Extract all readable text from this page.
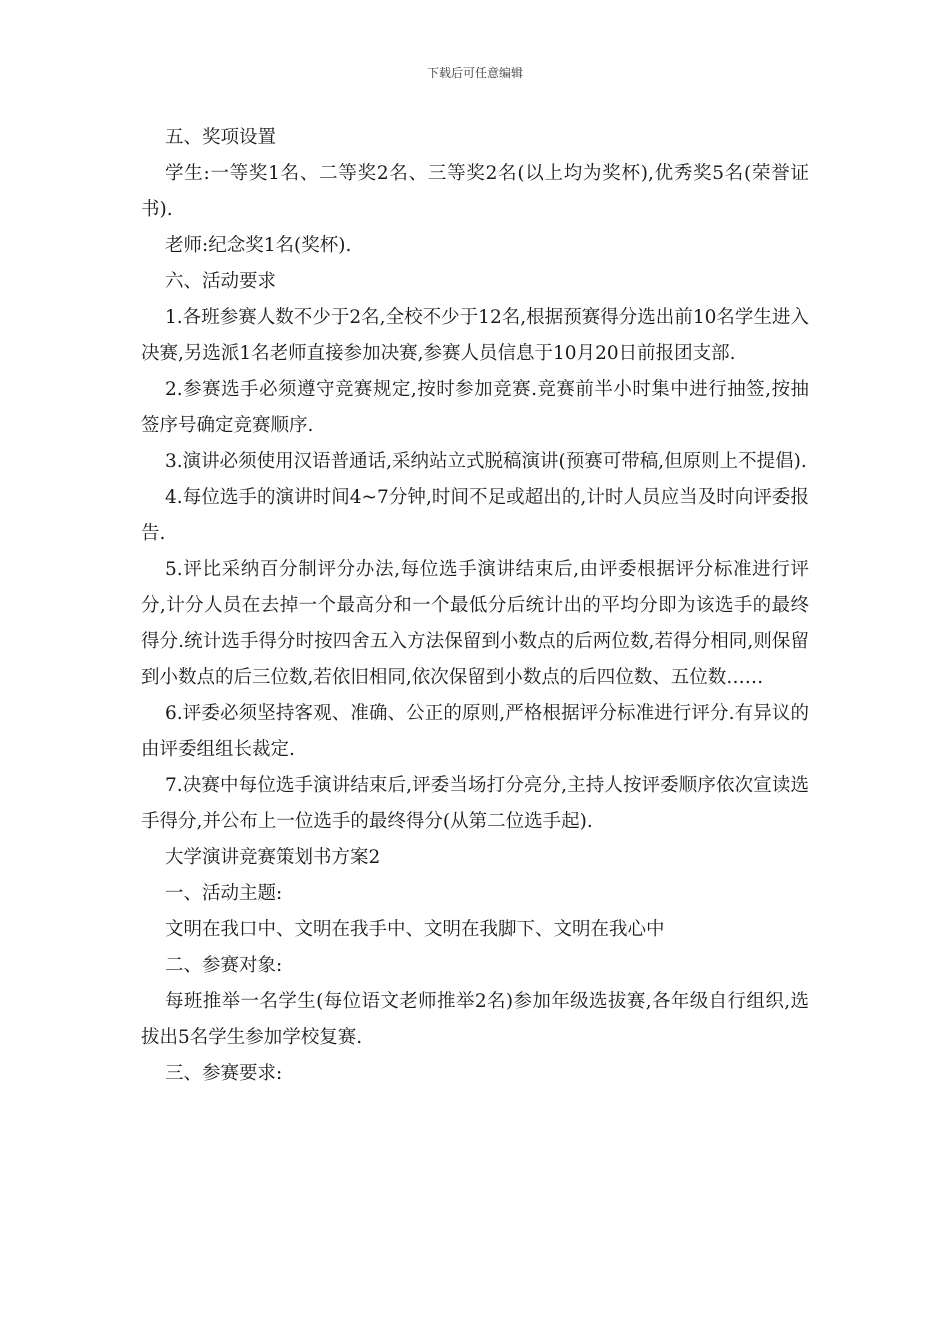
下载后可任意编辑

五、奖项设置

学生:一等奖1名、二等奖2名、三等奖2名(以上均为奖杯),优秀奖5名(荣誉证书).

老师:纪念奖1名(奖杯).

六、活动要求

1.各班参赛人数不少于2名,全校不少于12名,根据预赛得分选出前10名学生进入决赛,另选派1名老师直接参加决赛,参赛人员信息于10月20日前报团支部.

2.参赛选手必须遵守竞赛规定,按时参加竞赛.竞赛前半小时集中进行抽签,按抽签序号确定竞赛顺序.

3.演讲必须使用汉语普通话,采纳站立式脱稿演讲(预赛可带稿,但原则上不提倡).

4.每位选手的演讲时间4~7分钟,时间不足或超出的,计时人员应当及时向评委报告.

5.评比采纳百分制评分办法,每位选手演讲结束后,由评委根据评分标准进行评分,计分人员在去掉一个最高分和一个最低分后统计出的平均分即为该选手的最终得分.统计选手得分时按四舍五入方法保留到小数点的后两位数,若得分相同,则保留到小数点的后三位数,若依旧相同,依次保留到小数点的后四位数、五位数……

6.评委必须坚持客观、准确、公正的原则,严格根据评分标准进行评分.有异议的由评委组组长裁定.

7.决赛中每位选手演讲结束后,评委当场打分亮分,主持人按评委顺序依次宣读选手得分,并公布上一位选手的最终得分(从第二位选手起).

大学演讲竞赛策划书方案2

一、活动主题:

文明在我口中、文明在我手中、文明在我脚下、文明在我心中

二、参赛对象:

每班推举一名学生(每位语文老师推举2名)参加年级选拔赛,各年级自行组织,选拔出5名学生参加学校复赛.

三、参赛要求:
